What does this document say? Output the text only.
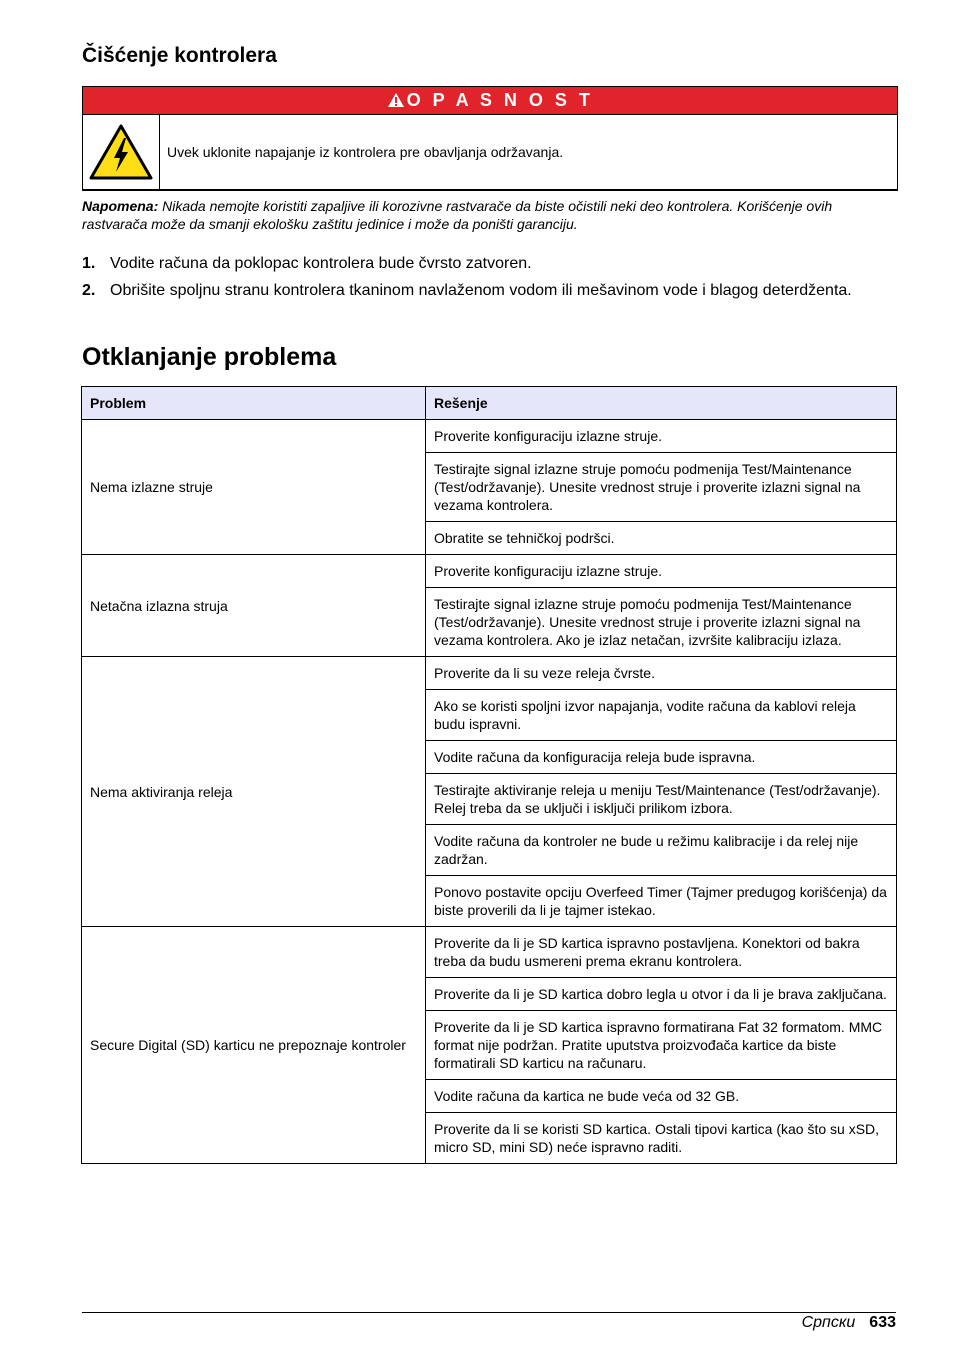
Čišćenje kontrolera
O P A S N O S T
Uvek uklonite napajanje iz kontrolera pre obavljanja održavanja.
Napomena: Nikada nemojte koristiti zapaljive ili korozivne rastvarače da biste očistili neki deo kontrolera. Korišćenje ovih rastvarača može da smanji ekološku zaštitu jedinice i može da poništi garanciju.
1. Vodite računa da poklopac kontrolera bude čvrsto zatvoren.
2. Obrišite spoljnu stranu kontrolera tkaninom navlaženom vodom ili mešavinom vode i blagog deterdženta.
Otklanjanje problema
Problem	Rešenje
Nema izlazne struje	Proverite konfiguraciju izlazne struje.
	Testirajte signal izlazne struje pomoću podmenija Test/Maintenance (Test/održavanje). Unesite vrednost struje i proverite izlazni signal na vezama kontrolera.
	Obratite se tehničkoj podršci.
Netačna izlazna struja	Proverite konfiguraciju izlazne struje.
	Testirajte signal izlazne struje pomoću podmenija Test/Maintenance (Test/održavanje). Unesite vrednost struje i proverite izlazni signal na vezama kontrolera. Ako je izlaz netačan, izvršite kalibraciju izlaza.
Nema aktiviranja releja	Proverite da li su veze releja čvrste.
	Ako se koristi spoljni izvor napajanja, vodite računa da kablovi releja budu ispravni.
	Vodite računa da konfiguracija releja bude ispravna.
	Testirajte aktiviranje releja u meniju Test/Maintenance (Test/održavanje). Relej treba da se uključi i isključi prilikom izbora.
	Vodite računa da kontroler ne bude u režimu kalibracije i da relej nije zadržan.
	Ponovo postavite opciju Overfeed Timer (Tajmer predugog korišćenja) da biste proverili da li je tajmer istekao.
Secure Digital (SD) karticu ne prepoznaje kontroler	Proverite da li je SD kartica ispravno postavljena. Konektori od bakra treba da budu usmereni prema ekranu kontrolera.
	Proverite da li je SD kartica dobro legla u otvor i da li je brava zaključana.
	Proverite da li je SD kartica ispravno formatirana Fat 32 formatom. MMC format nije podržan. Pratite uputstva proizvođača kartice da biste formatirali SD karticu na računaru.
	Vodite računa da kartica ne bude veća od 32 GB.
	Proverite da li se koristi SD kartica. Ostali tipovi kartica (kao što su xSD, micro SD, mini SD) neće ispravno raditi.
Српски 633
